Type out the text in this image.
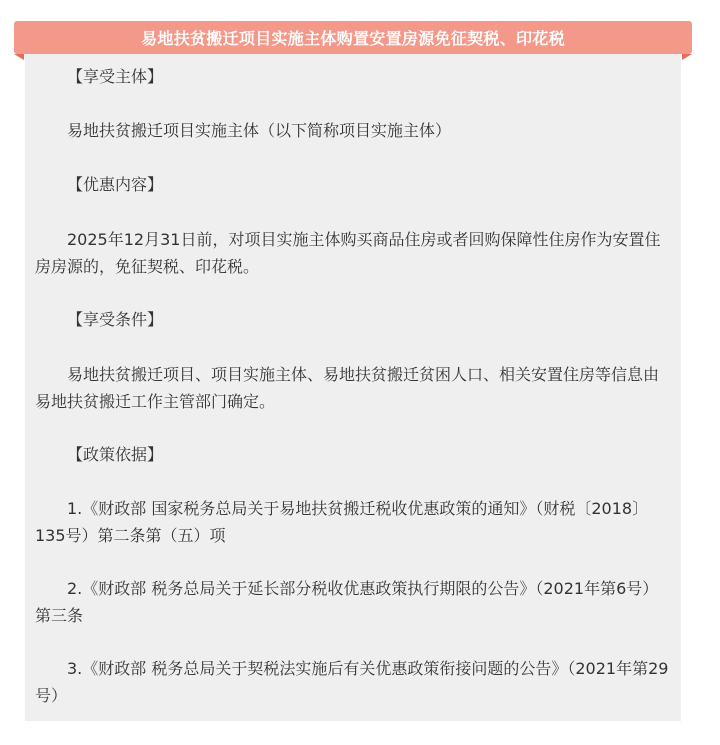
易地扶贫搬迁项目实施主体购置安置房源免征契税、印花税

【享受主体】

易地扶贫搬迁项目实施主体（以下简称项目实施主体）

【优惠内容】

2025年12月31日前，对项目实施主体购买商品住房或者回购保障性住房作为安置住房房源的，免征契税、印花税。

【享受条件】

易地扶贫搬迁项目、项目实施主体、易地扶贫搬迁贫困人口、相关安置住房等信息由易地扶贫搬迁工作主管部门确定。

【政策依据】

1.《财政部 国家税务总局关于易地扶贫搬迁税收优惠政策的通知》（财税〔2018〕135号）第二条第（五）项

2.《财政部 税务总局关于延长部分税收优惠政策执行期限的公告》（2021年第6号）第三条

3.《财政部 税务总局关于契税法实施后有关优惠政策衔接问题的公告》（2021年第29号）
